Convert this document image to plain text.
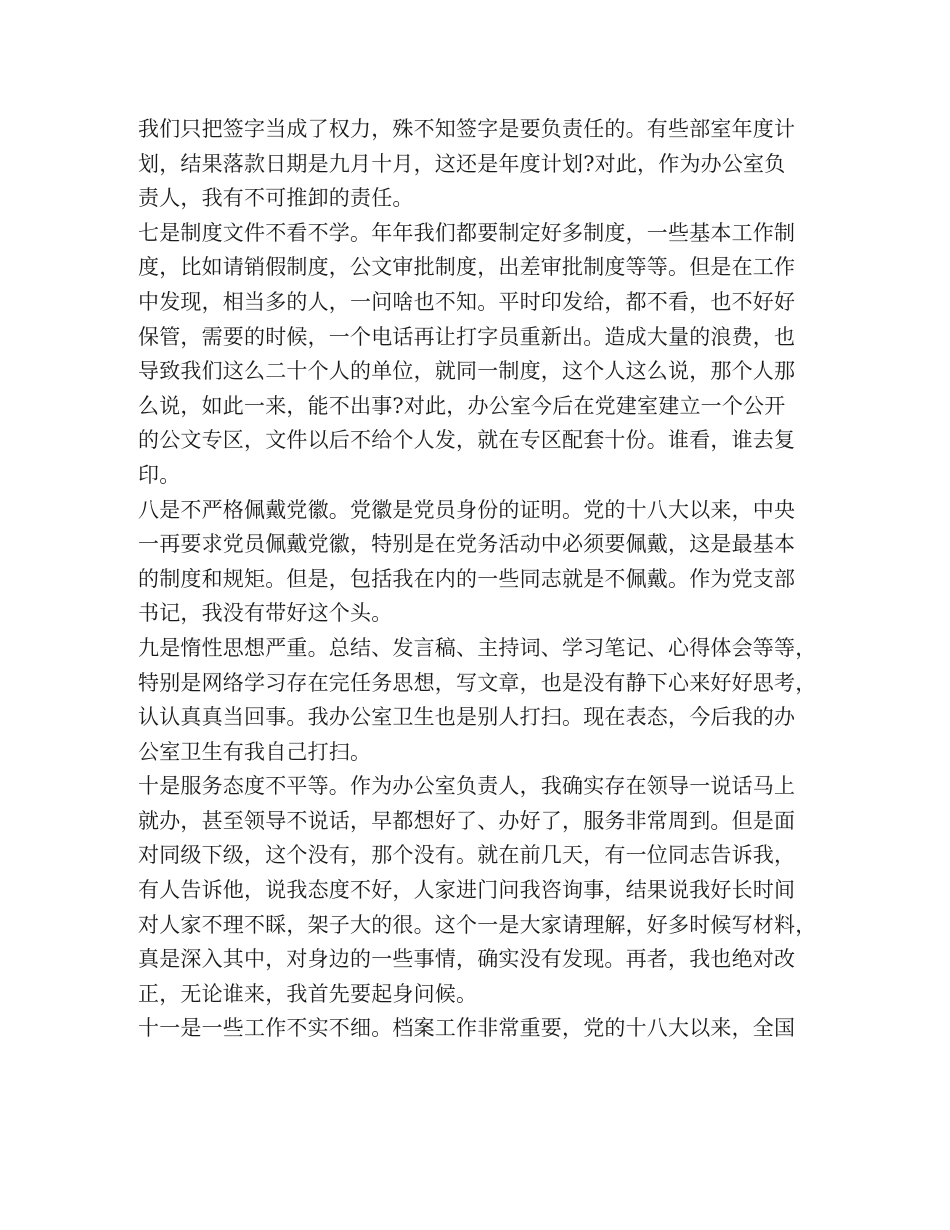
我们只把签字当成了权力，殊不知签字是要负责任的。有些部室年度计
划，结果落款日期是九月十月，这还是年度计划?对此，作为办公室负
责人，我有不可推卸的责任。
七是制度文件不看不学。年年我们都要制定好多制度，一些基本工作制
度，比如请销假制度，公文审批制度，出差审批制度等等。但是在工作
中发现，相当多的人，一问啥也不知。平时印发给，都不看，也不好好
保管，需要的时候，一个电话再让打字员重新出。造成大量的浪费，也
导致我们这么二十个人的单位，就同一制度，这个人这么说，那个人那
么说，如此一来，能不出事?对此，办公室今后在党建室建立一个公开
的公文专区，文件以后不给个人发，就在专区配套十份。谁看，谁去复
印。
八是不严格佩戴党徽。党徽是党员身份的证明。党的十八大以来，中央
一再要求党员佩戴党徽，特别是在党务活动中必须要佩戴，这是最基本
的制度和规矩。但是，包括我在内的一些同志就是不佩戴。作为党支部
书记，我没有带好这个头。
九是惰性思想严重。总结、发言稿、主持词、学习笔记、心得体会等等，
特别是网络学习存在完任务思想，写文章，也是没有静下心来好好思考，
认认真真当回事。我办公室卫生也是别人打扫。现在表态，今后我的办
公室卫生有我自己打扫。
十是服务态度不平等。作为办公室负责人，我确实存在领导一说话马上
就办，甚至领导不说话，早都想好了、办好了，服务非常周到。但是面
对同级下级，这个没有，那个没有。就在前几天，有一位同志告诉我，
有人告诉他，说我态度不好，人家进门问我咨询事，结果说我好长时间
对人家不理不睬，架子大的很。这个一是大家请理解，好多时候写材料，
真是深入其中，对身边的一些事情，确实没有发现。再者，我也绝对改
正，无论谁来，我首先要起身问候。
十一是一些工作不实不细。档案工作非常重要，党的十八大以来，全国
